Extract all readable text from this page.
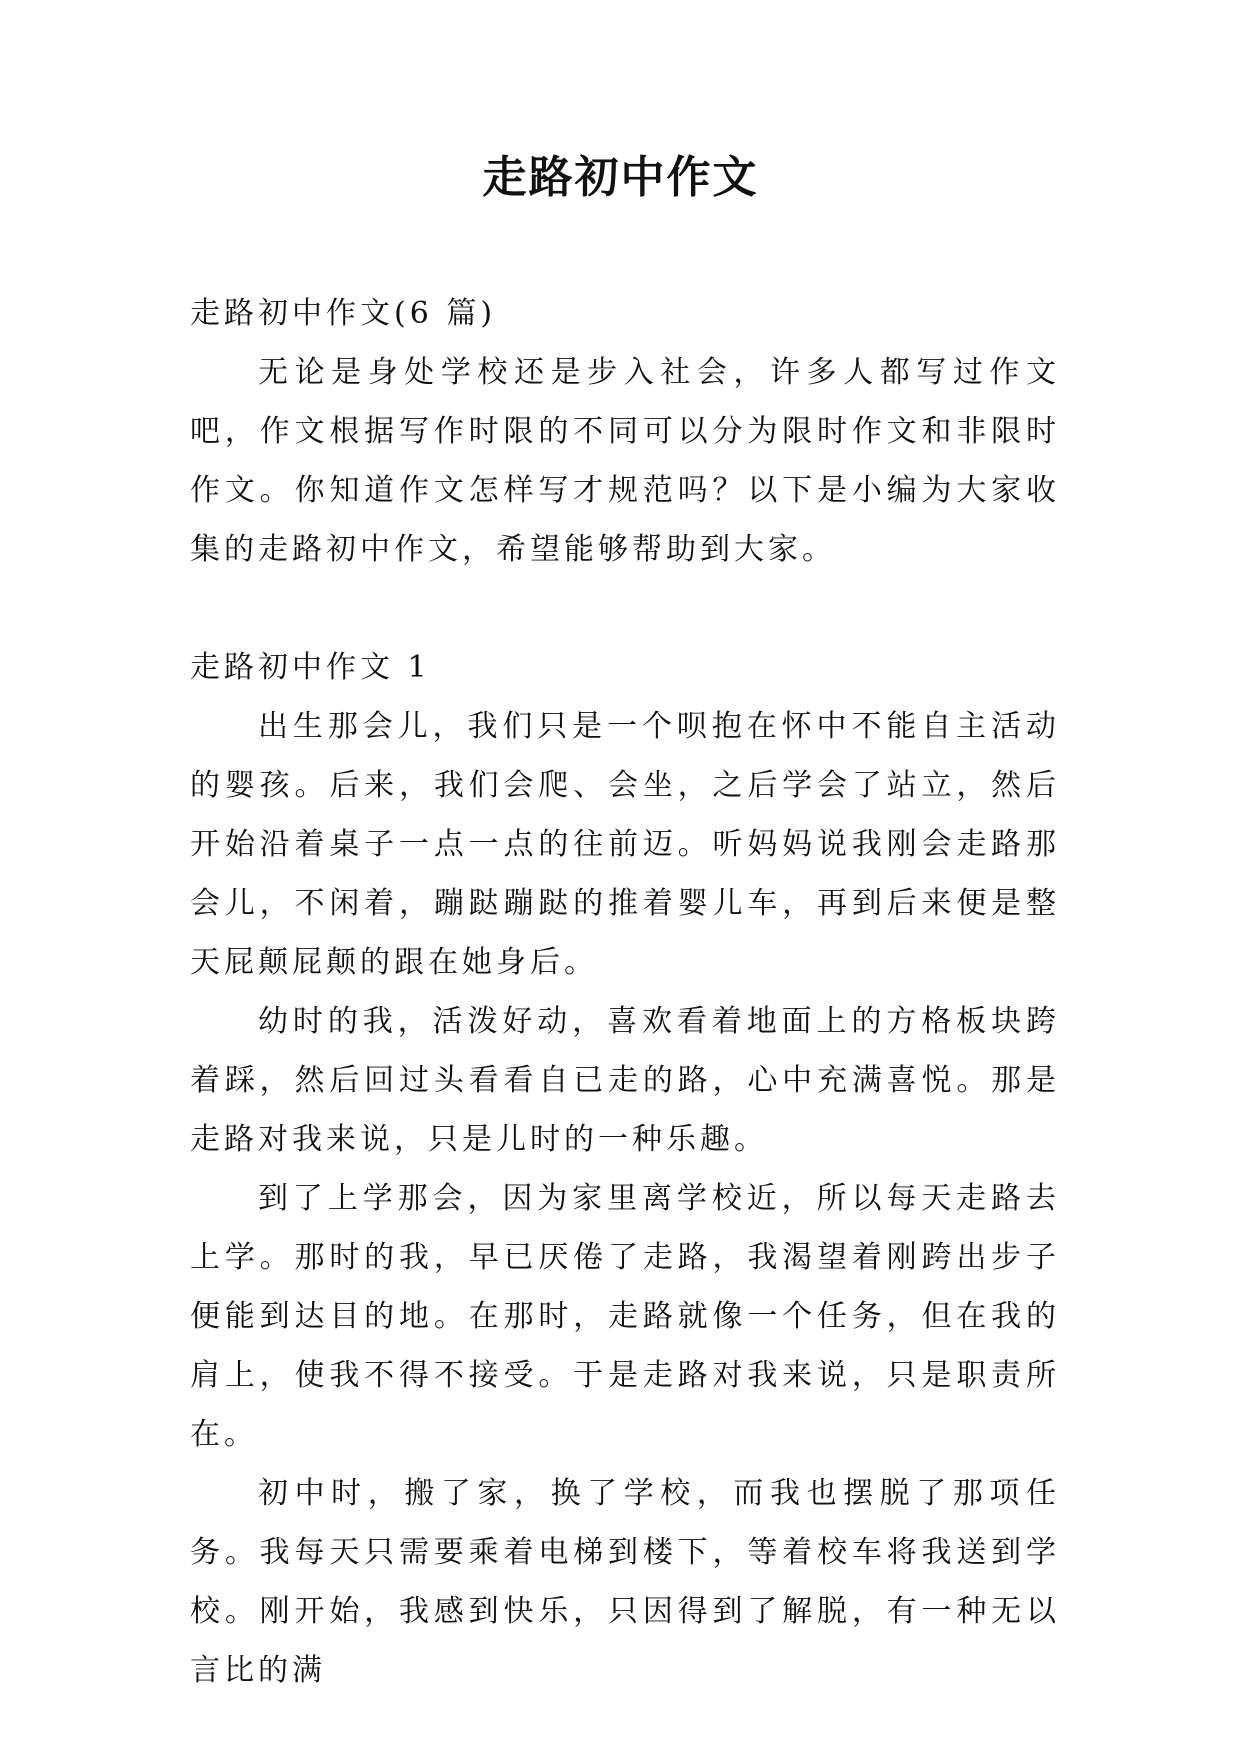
走路初中作文

走路初中作文(6 篇)

无论是身处学校还是步入社会，许多人都写过作文吧，作文根据写作时限的不同可以分为限时作文和非限时作文。你知道作文怎样写才规范吗？以下是小编为大家收集的走路初中作文，希望能够帮助到大家。

走路初中作文 1

出生那会儿，我们只是一个呗抱在怀中不能自主活动的婴孩。后来，我们会爬、会坐，之后学会了站立，然后开始沿着桌子一点一点的往前迈。听妈妈说我刚会走路那会儿，不闲着，蹦跶蹦跶的推着婴儿车，再到后来便是整天屁颠屁颠的跟在她身后。

幼时的我，活泼好动，喜欢看着地面上的方格板块跨着踩，然后回过头看看自已走的路，心中充满喜悦。那是走路对我来说，只是儿时的一种乐趣。

到了上学那会，因为家里离学校近，所以每天走路去上学。那时的我，早已厌倦了走路，我渴望着刚跨出步子便能到达目的地。在那时，走路就像一个任务，但在我的肩上，使我不得不接受。于是走路对我来说，只是职责所在。

初中时，搬了家，换了学校，而我也摆脱了那项任务。我每天只需要乘着电梯到楼下，等着校车将我送到学校。刚开始，我感到快乐，只因得到了解脱，有一种无以言比的满
